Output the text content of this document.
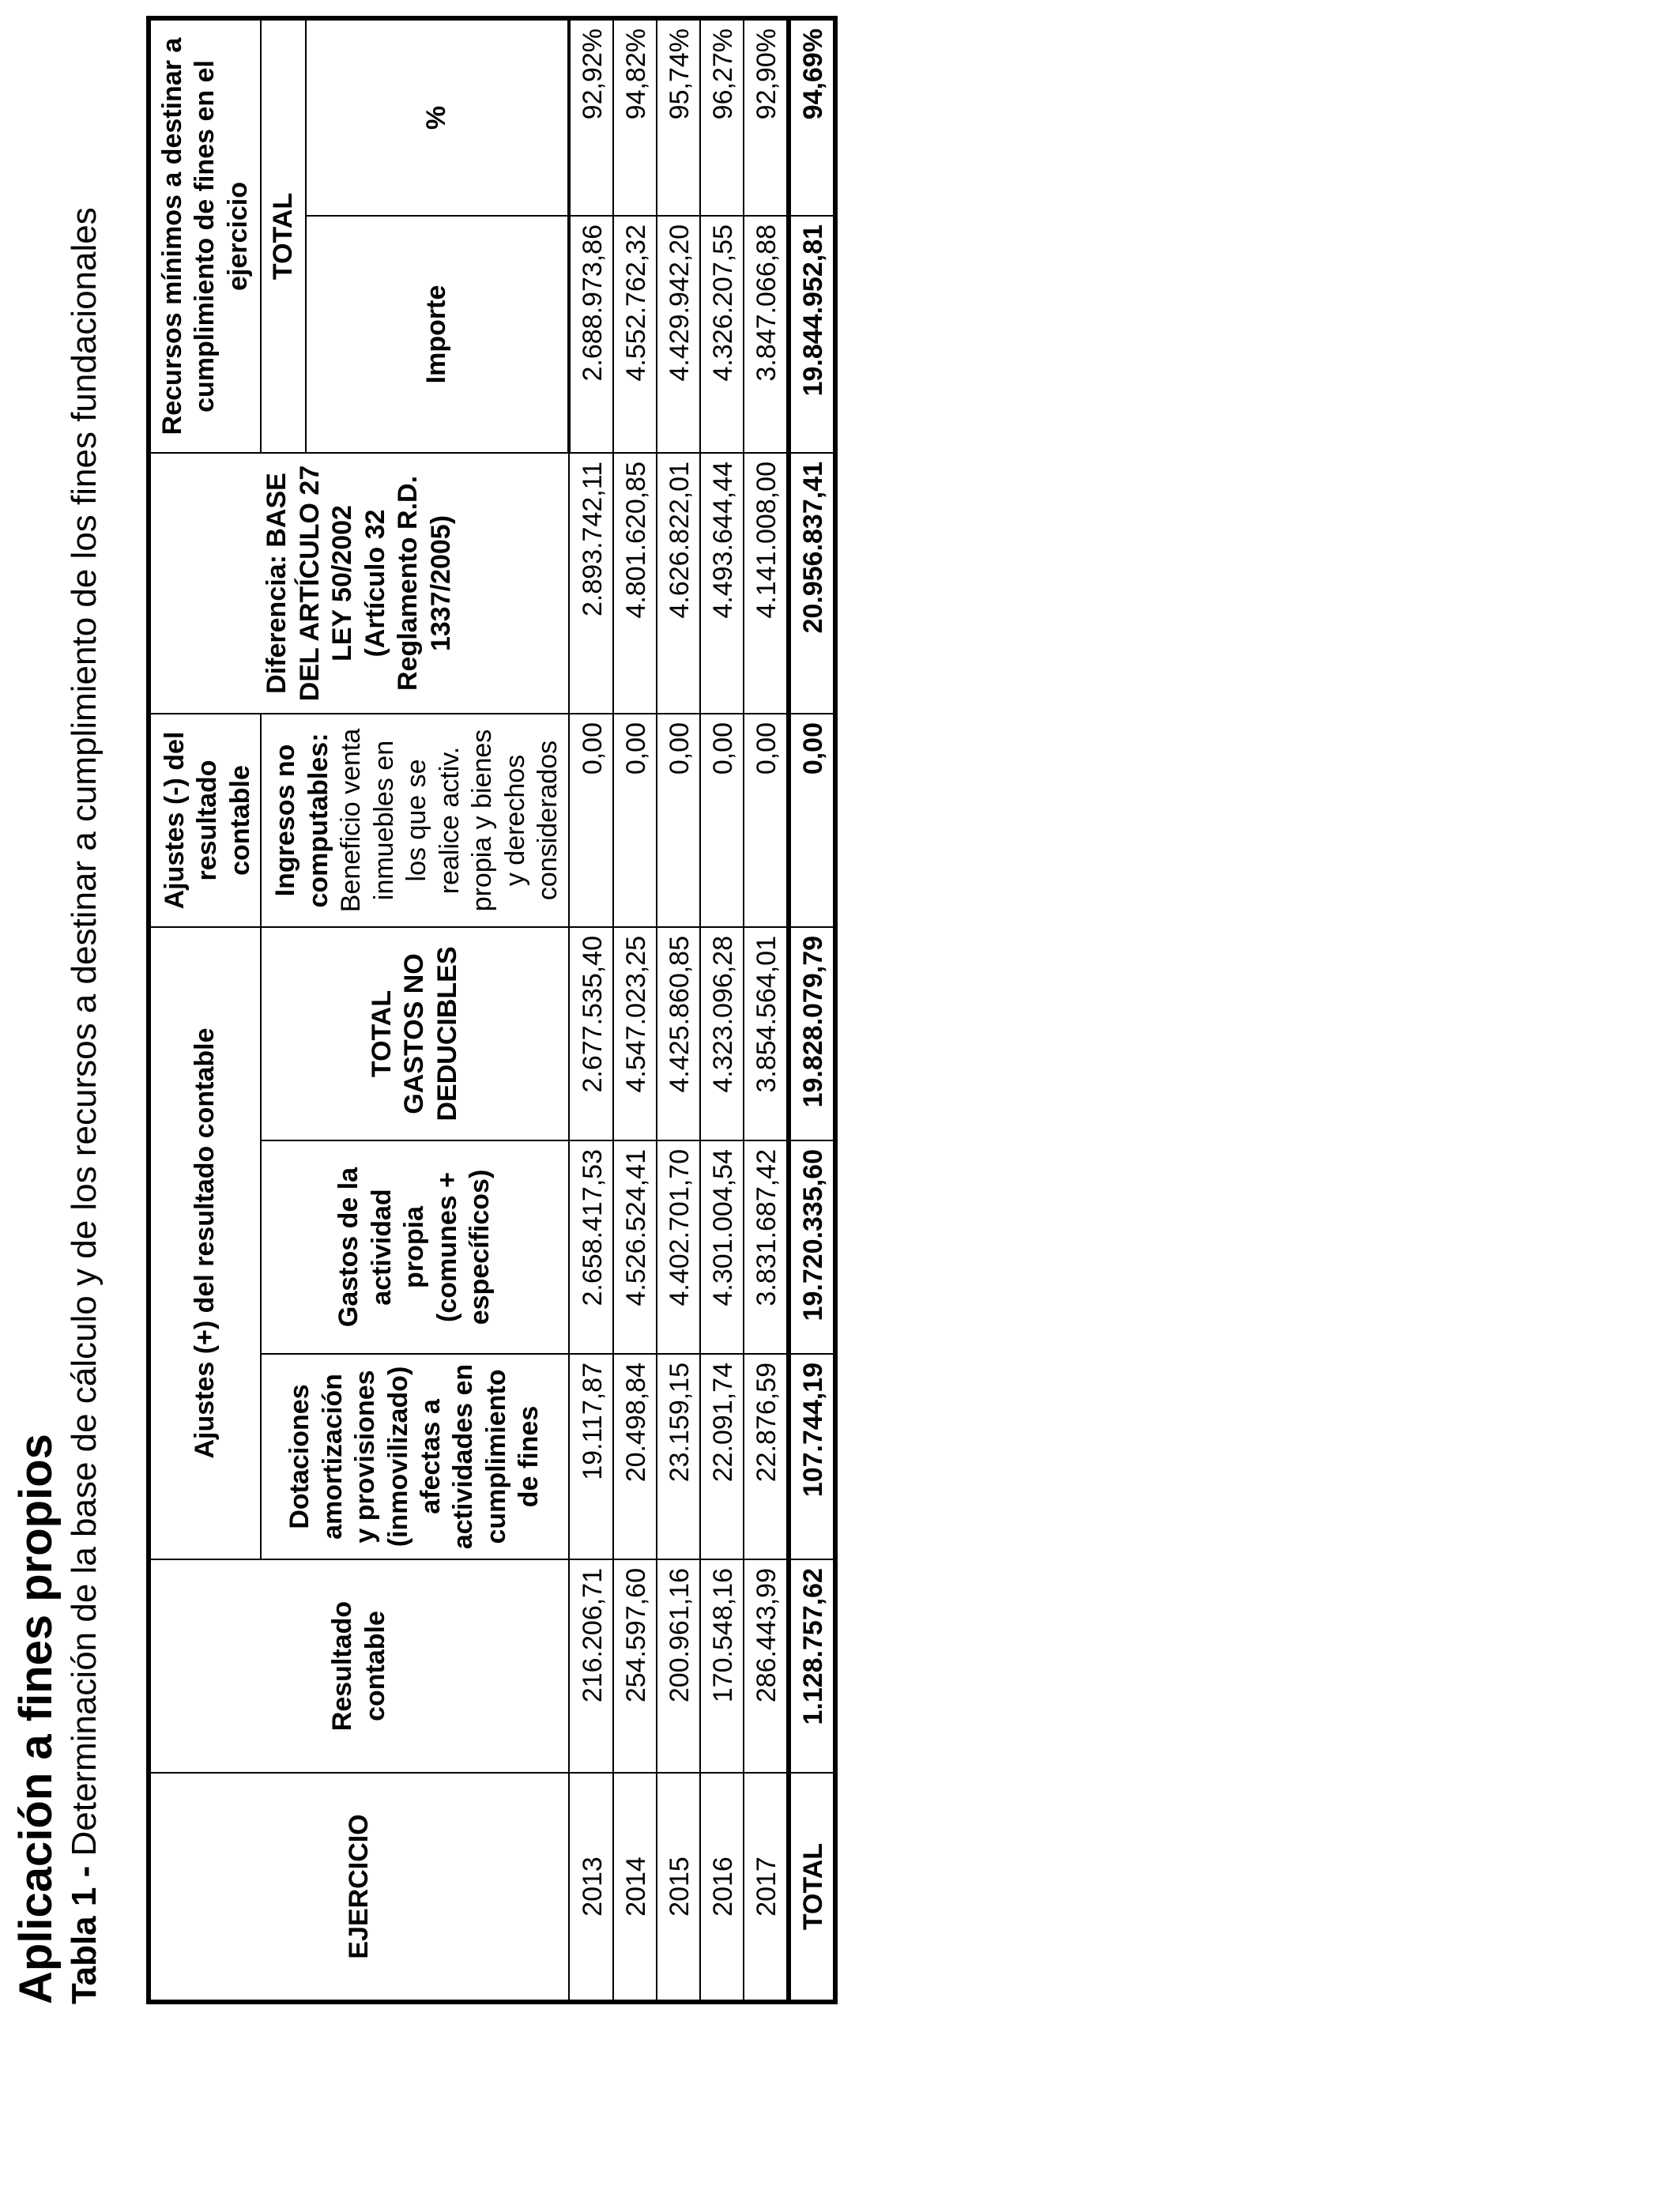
Aplicación a fines propios Tabla 1 - Determinación de la base de cálculo y de los recursos a destinar a cumplimiento de los fines fundacionales
EJERCICIO	Resultado contable	Ajustes (+) del resultado contable			Ajustes (-) del resultado contable	Diferencia: BASE DEL ARTÍCULO 27 LEY 50/2002 (Artículo 32 Reglamento R.D. 1337/2005)	Recursos mínimos a destinar a cumplimiento de fines en el ejercicio	
		Dotaciones amortización y provisiones (inmovilizado) afectas a actividades en cumplimiento de fines	Gastos de la actividad propia (comunes + específicos)	TOTAL GASTOS NO DEDUCIBLES	Ingresos no computables: Beneficio venta inmuebles en los que se realice activ. propia y bienes y derechos considerados		TOTAL	
							Importe	%
2013	216.206,71	19.117,87	2.658.417,53	2.677.535,40	0,00	2.893.742,11	2.688.973,86	92,92%
2014	254.597,60	20.498,84	4.526.524,41	4.547.023,25	0,00	4.801.620,85	4.552.762,32	94,82%
2015	200.961,16	23.159,15	4.402.701,70	4.425.860,85	0,00	4.626.822,01	4.429.942,20	95,74%
2016	170.548,16	22.091,74	4.301.004,54	4.323.096,28	0,00	4.493.644,44	4.326.207,55	96,27%
2017	286.443,99	22.876,59	3.831.687,42	3.854.564,01	0,00	4.141.008,00	3.847.066,88	92,90%
TOTAL	1.128.757,62	107.744,19	19.720.335,60	19.828.079,79	0,00	20.956.837,41	19.844.952,81	94,69%
